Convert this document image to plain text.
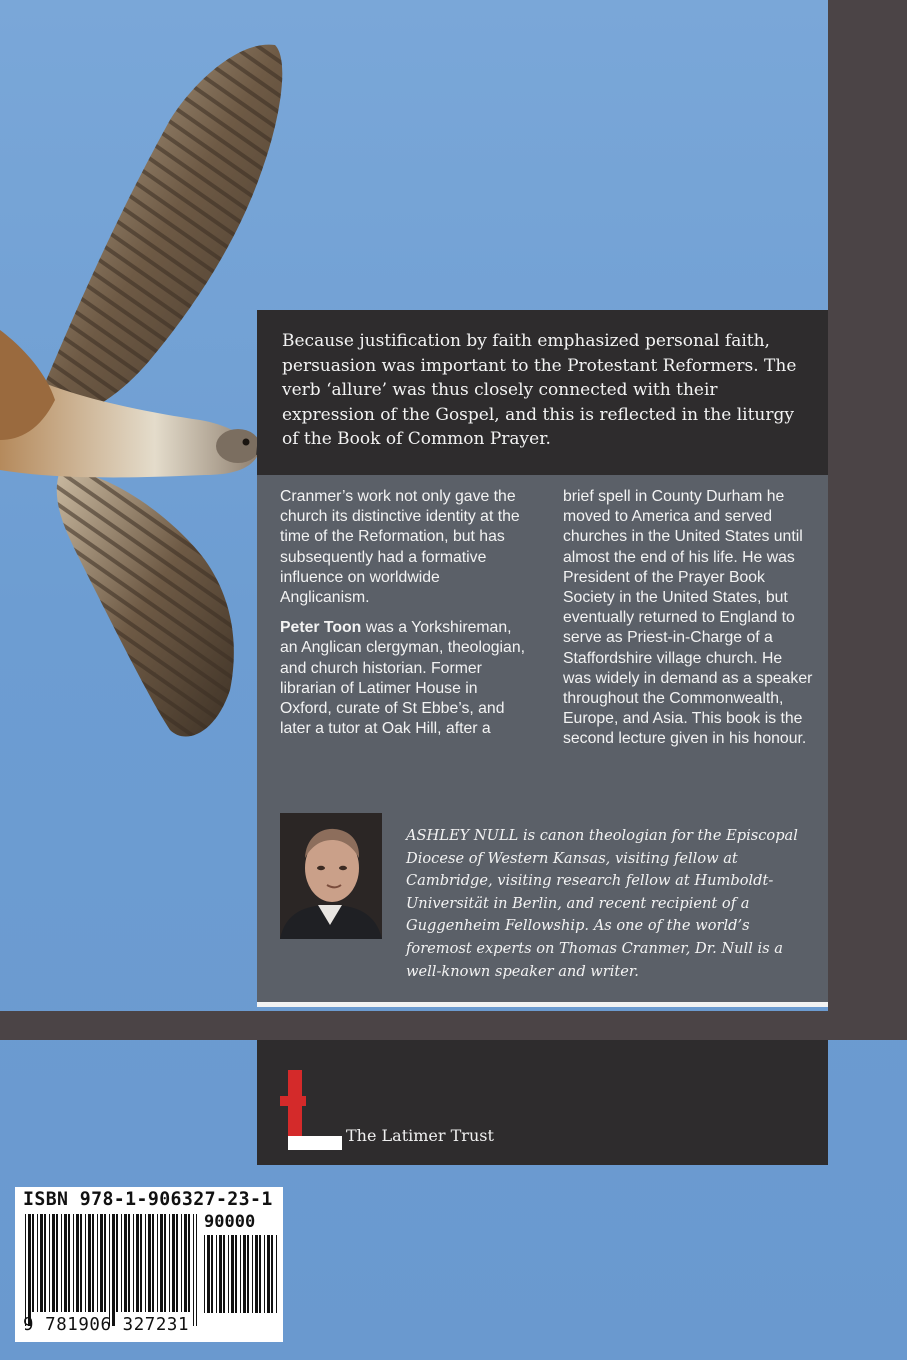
Because justification by faith emphasized personal faith, persuasion was important to the Protestant Reformers. The verb ‘allure’ was thus closely connected with their expression of the Gospel, and this is reflected in the liturgy of the Book of Common Prayer.

Cranmer’s work not only gave the church its distinctive identity at the time of the Reformation, but has subsequently had a formative influence on worldwide Anglicanism.

Peter Toon was a Yorkshireman, an Anglican clergyman, theologian, and church historian. Former librarian of Latimer House in Oxford, curate of St Ebbe’s, and later a tutor at Oak Hill, after a

brief spell in County Durham he moved to America and served churches in the United States until almost the end of his life. He was President of the Prayer Book Society in the United States, but eventually returned to England to serve as Priest-in-Charge of a Staffordshire village church. He was widely in demand as a speaker throughout the Commonwealth, Europe, and Asia. This book is the second lecture given in his honour.

ASHLEY NULL is canon theologian for the Episcopal Diocese of Western Kansas, visiting fellow at Cambridge, visiting research fellow at Humboldt-Universität in Berlin, and recent recipient of a Guggenheim Fellowship. As one of the world’s foremost experts on Thomas Cranmer, Dr. Null is a well-known speaker and writer.

The Latimer Trust
ISBN 978-1-906327-23-1
90000
9 781906 327231
